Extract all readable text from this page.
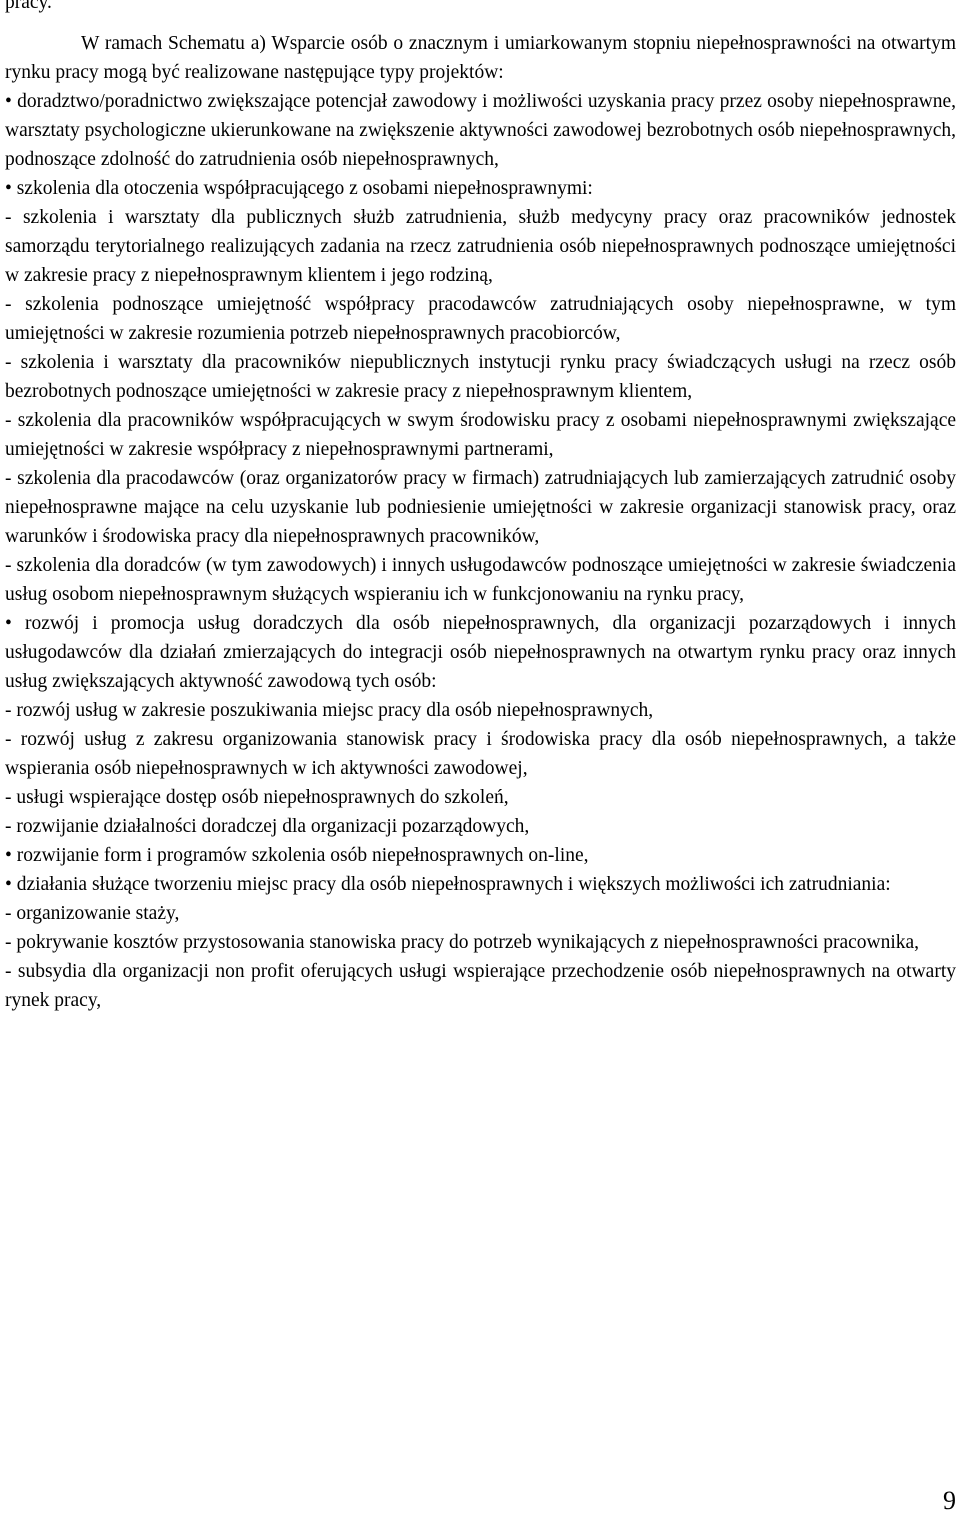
pracy.

W ramach Schematu a) Wsparcie osób o znacznym i umiarkowanym stopniu niepełnosprawności na otwartym rynku pracy mogą być realizowane następujące typy projektów:

• doradztwo/poradnictwo zwiększające potencjał zawodowy i możliwości uzyskania pracy przez osoby niepełnosprawne, warsztaty psychologiczne ukierunkowane na zwiększenie aktywności zawodowej bezrobotnych osób niepełnosprawnych, podnoszące zdolność do zatrudnienia osób niepełnosprawnych,

• szkolenia dla otoczenia współpracującego z osobami niepełnosprawnymi:

- szkolenia i warsztaty dla publicznych służb zatrudnienia, służb medycyny pracy oraz pracowników jednostek samorządu terytorialnego realizujących zadania na rzecz zatrudnienia osób niepełnosprawnych podnoszące umiejętności w zakresie pracy z niepełnosprawnym klientem i jego rodziną,

- szkolenia podnoszące umiejętność współpracy pracodawców zatrudniających osoby niepełnosprawne, w tym umiejętności w zakresie rozumienia potrzeb niepełnosprawnych pracobiorców,

- szkolenia i warsztaty dla pracowników niepublicznych instytucji rynku pracy świadczących usługi na rzecz osób bezrobotnych podnoszące umiejętności w zakresie pracy z niepełnosprawnym klientem,

- szkolenia dla pracowników współpracujących w swym środowisku pracy z osobami niepełnosprawnymi zwiększające umiejętności w zakresie współpracy z niepełnosprawnymi partnerami,

- szkolenia dla pracodawców (oraz organizatorów pracy w firmach) zatrudniających lub zamierzających zatrudnić osoby niepełnosprawne mające na celu uzyskanie lub podniesienie umiejętności w zakresie organizacji stanowisk pracy, oraz warunków i środowiska pracy dla niepełnosprawnych pracowników,

- szkolenia dla doradców (w tym zawodowych) i innych usługodawców podnoszące umiejętności w zakresie świadczenia usług osobom niepełnosprawnym służących wspieraniu ich w funkcjonowaniu na rynku pracy,

• rozwój i promocja usług doradczych dla osób niepełnosprawnych, dla organizacji pozarządowych i innych usługodawców dla działań zmierzających do integracji osób niepełnosprawnych na otwartym rynku pracy oraz innych usług zwiększających aktywność zawodową tych osób:

- rozwój usług w zakresie poszukiwania miejsc pracy dla osób niepełnosprawnych,

- rozwój usług z zakresu organizowania stanowisk pracy i środowiska pracy dla osób niepełnosprawnych, a także wspierania osób niepełnosprawnych w ich aktywności zawodowej,

- usługi wspierające dostęp osób niepełnosprawnych do szkoleń,

- rozwijanie działalności doradczej dla organizacji pozarządowych,

• rozwijanie form i programów szkolenia osób niepełnosprawnych on-line,

• działania służące tworzeniu miejsc pracy dla osób niepełnosprawnych i większych możliwości ich zatrudniania:

- organizowanie staży,

- pokrywanie kosztów przystosowania stanowiska pracy do potrzeb wynikających z niepełnosprawności pracownika,

- subsydia dla organizacji non profit oferujących usługi wspierające przechodzenie osób niepełnosprawnych na otwarty rynek pracy,

9
